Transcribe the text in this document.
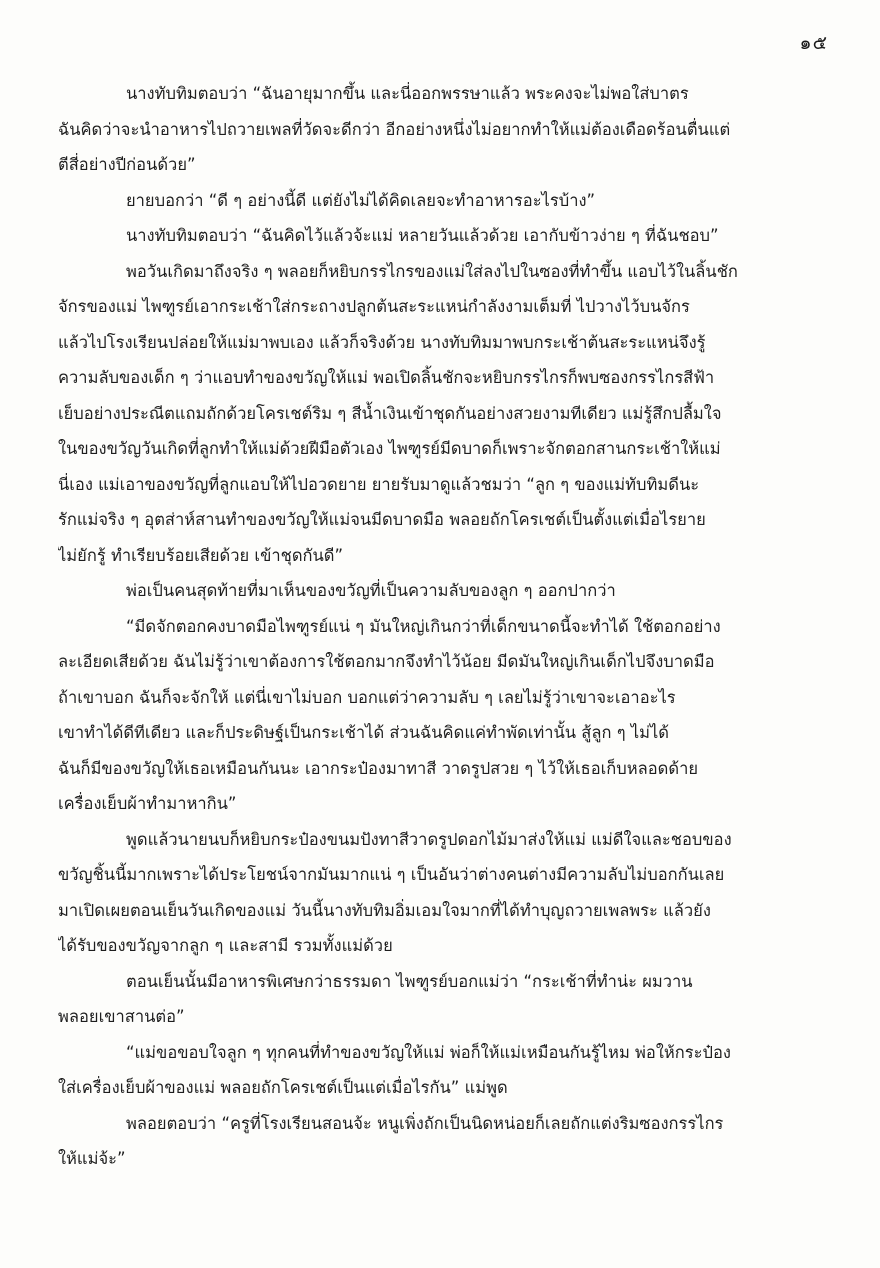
๑๕
นางทับทิมตอบว่า “ฉันอายุมากขึ้น และนี่ออกพรรษาแล้ว พระคงจะไม่พอใส่บาตร
ฉันคิดว่าจะนำอาหารไปถวายเพลที่วัดจะดีกว่า อีกอย่างหนึ่งไม่อยากทำให้แม่ต้องเดือดร้อนตื่นแต่
ตีสี่อย่างปีก่อนด้วย”
ยายบอกว่า “ดี ๆ อย่างนี้ดี แต่ยังไม่ได้คิดเลยจะทำอาหารอะไรบ้าง”
นางทับทิมตอบว่า “ฉันคิดไว้แล้วจ้ะแม่ หลายวันแล้วด้วย เอากับข้าวง่าย ๆ ที่ฉันชอบ”
พอวันเกิดมาถึงจริง ๆ พลอยก็หยิบกรรไกรของแม่ใส่ลงไปในซองที่ทำขึ้น แอบไว้ในลิ้นชัก
จักรของแม่ ไพฑูรย์เอากระเช้าใส่กระถางปลูกต้นสะระแหน่กำลังงามเต็มที่ ไปวางไว้บนจักร
แล้วไปโรงเรียนปล่อยให้แม่มาพบเอง แล้วก็จริงด้วย นางทับทิมมาพบกระเช้าต้นสะระแหน่จึงรู้
ความลับของเด็ก ๆ ว่าแอบทำของขวัญให้แม่ พอเปิดลิ้นชักจะหยิบกรรไกรก็พบซองกรรไกรสีฟ้า
เย็บอย่างประณีตแถมถักด้วยโครเชต์ริม ๆ สีน้ำเงินเข้าชุดกันอย่างสวยงามทีเดียว แม่รู้สึกปลื้มใจ
ในของขวัญวันเกิดที่ลูกทำให้แม่ด้วยฝีมือตัวเอง ไพฑูรย์มีดบาดก็เพราะจักตอกสานกระเช้าให้แม่
นี่เอง แม่เอาของขวัญที่ลูกแอบให้ไปอวดยาย ยายรับมาดูแล้วชมว่า “ลูก ๆ ของแม่ทับทิมดีนะ
รักแม่จริง ๆ อุตส่าห์สานทำของขวัญให้แม่จนมีดบาดมือ พลอยถักโครเชต์เป็นตั้งแต่เมื่อไรยาย
ไม่ยักรู้ ทำเรียบร้อยเสียด้วย เข้าชุดกันดี”
พ่อเป็นคนสุดท้ายที่มาเห็นของขวัญที่เป็นความลับของลูก ๆ ออกปากว่า
“มีดจักตอกคงบาดมือไพฑูรย์แน่ ๆ มันใหญ่เกินกว่าที่เด็กขนาดนี้จะทำได้ ใช้ตอกอย่าง
ละเอียดเสียด้วย ฉันไม่รู้ว่าเขาต้องการใช้ตอกมากจึงทำไว้น้อย มีดมันใหญ่เกินเด็กไปจึงบาดมือ
ถ้าเขาบอก ฉันก็จะจักให้ แต่นี่เขาไม่บอก บอกแต่ว่าความลับ ๆ เลยไม่รู้ว่าเขาจะเอาอะไร
เขาทำได้ดีทีเดียว และก็ประดิษฐ์เป็นกระเช้าได้ ส่วนฉันคิดแค่ทำพัดเท่านั้น สู้ลูก ๆ ไม่ได้
ฉันก็มีของขวัญให้เธอเหมือนกันนะ เอากระป๋องมาทาสี วาดรูปสวย ๆ ไว้ให้เธอเก็บหลอดด้าย
เครื่องเย็บผ้าทำมาหากิน”
พูดแล้วนายนบก็หยิบกระป๋องขนมปังทาสีวาดรูปดอกไม้มาส่งให้แม่ แม่ดีใจและชอบของ
ขวัญชิ้นนี้มากเพราะได้ประโยชน์จากมันมากแน่ ๆ เป็นอันว่าต่างคนต่างมีความลับไม่บอกกันเลย
มาเปิดเผยตอนเย็นวันเกิดของแม่ วันนี้นางทับทิมอิ่มเอมใจมากที่ได้ทำบุญถวายเพลพระ แล้วยัง
ได้รับของขวัญจากลูก ๆ และสามี รวมทั้งแม่ด้วย
ตอนเย็นนั้นมีอาหารพิเศษกว่าธรรมดา ไพฑูรย์บอกแม่ว่า “กระเช้าที่ทำน่ะ ผมวาน
พลอยเขาสานต่อ”
“แม่ขอขอบใจลูก ๆ ทุกคนที่ทำของขวัญให้แม่ พ่อก็ให้แม่เหมือนกันรู้ไหม พ่อให้กระป๋อง
ใส่เครื่องเย็บผ้าของแม่ พลอยถักโครเชต์เป็นแต่เมื่อไรกัน” แม่พูด
พลอยตอบว่า “ครูที่โรงเรียนสอนจ้ะ หนูเพิ่งถักเป็นนิดหน่อยก็เลยถักแต่งริมซองกรรไกร
ให้แม่จ้ะ”
